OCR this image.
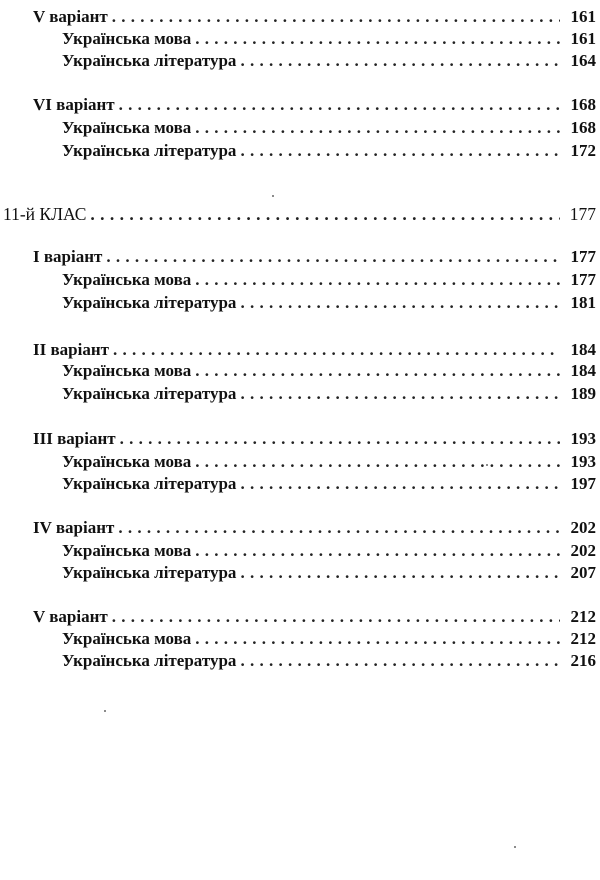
V варіант . . .	161
Українська мова . . .	161
Українська література . . .	164
VI варіант . . .	168
Українська мова . . .	168
Українська література . . .	172
11-й КЛАС . . .	177
I варіант . . .	177
Українська мова . . .	177
Українська література . . .	181
II варіант . . .	184
Українська мова . . .	184
Українська література . . .	189
III варіант . . .	193
Українська мова . . .	193
Українська література . . .	197
IV варіант . . .	202
Українська мова . . .	202
Українська література . . .	207
V варіант . . .	212
Українська мова . . .	212
Українська література . . .	216
